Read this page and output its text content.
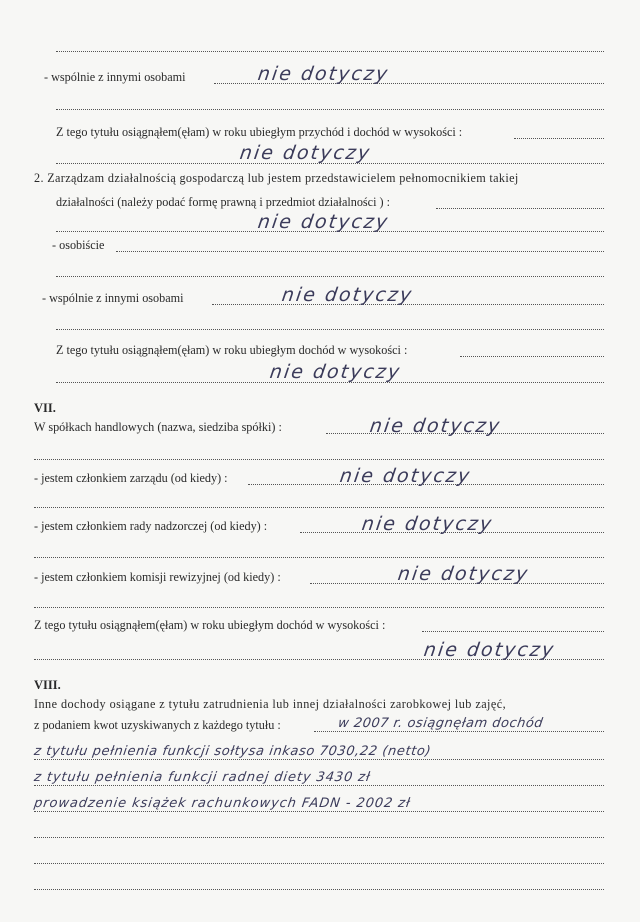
- wspólnie z innymi osobami	nie dotyczy
Z tego tytułu osiągnąłem(ęłam) w roku ubiegłym przychód i dochód w wysokości :
nie dotyczy
2. Zarządzam działalnością gospodarczą lub jestem przedstawicielem pełnomocnikiem takiej
działalności (należy podać formę prawną i przedmiot działalności ) :
nie dotyczy
- osobiście
- wspólnie z innymi osobami	nie dotyczy
Z tego tytułu osiągnąłem(ęłam) w roku ubiegłym dochód w wysokości :
nie dotyczy
VII.
W spółkach handlowych (nazwa, siedziba spółki) :	nie dotyczy
- jestem członkiem zarządu (od kiedy) :	nie dotyczy
- jestem członkiem rady nadzorczej (od kiedy) :	nie dotyczy
- jestem członkiem komisji rewizyjnej (od kiedy) :	nie dotyczy
Z tego tytułu osiągnąłem(ęłam) w roku ubiegłym dochód w wysokości :
nie dotyczy
VIII.
Inne dochody osiągane z tytułu zatrudnienia lub innej działalności zarobkowej lub zajęć,
z podaniem kwot uzyskiwanych z każdego tytułu :	w 2007 r. osiągnęłam dochód
z tytułu pełnienia funkcji sołtysa inkaso 7030,22 (netto)
z tytułu pełnienia funkcji radnej diety 3430 zł
prowadzenie książek rachunkowych FADN - 2002 zł
